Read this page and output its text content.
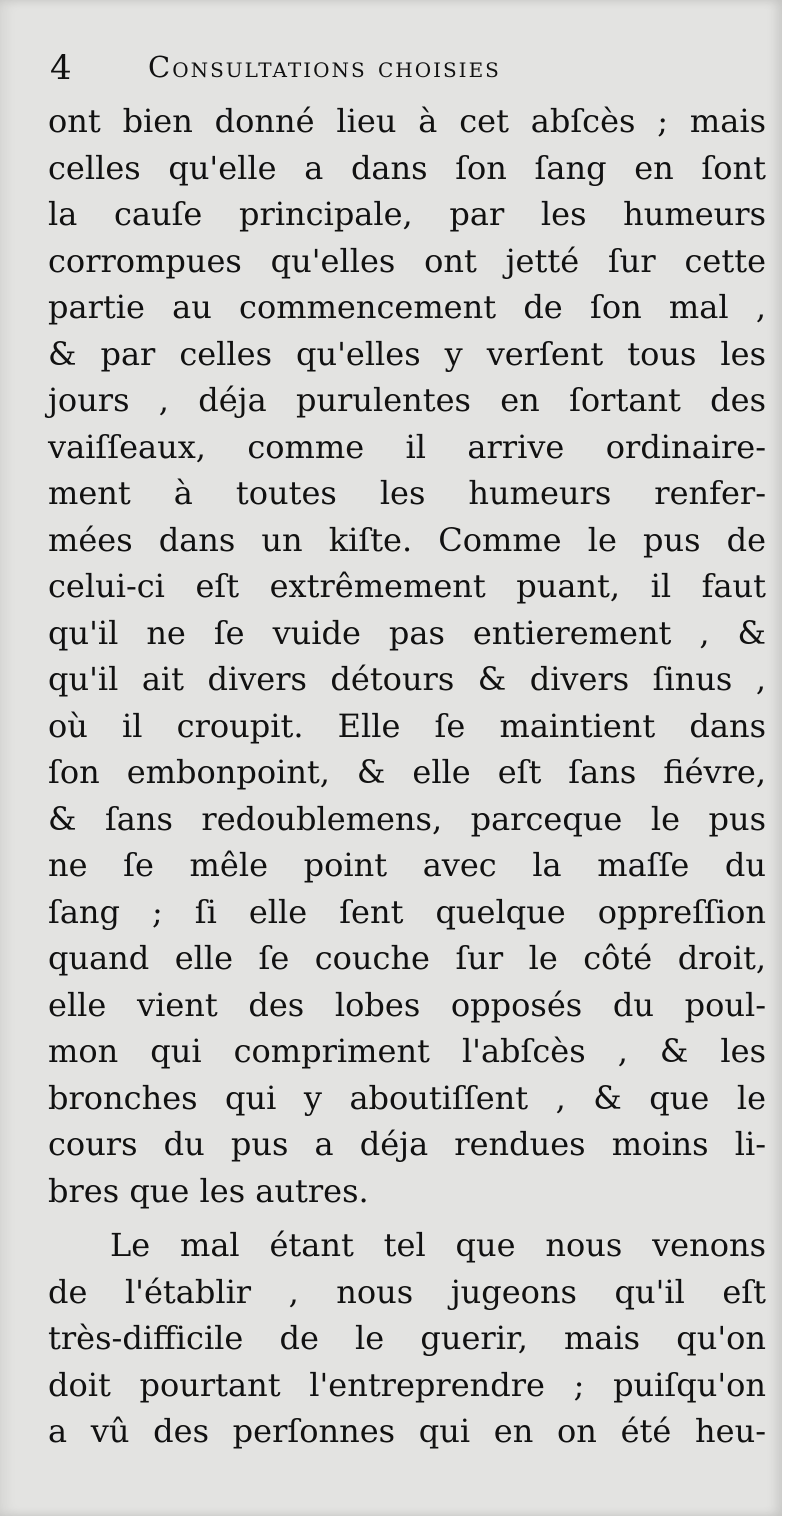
4	Consultations choisies
ont bien donné lieu à cet abſcès ; mais
celles qu'elle a dans ſon ſang en ſont
la cauſe principale, par les humeurs
corrompues qu'elles ont jetté ſur cette
partie au commencement de ſon mal ,
& par celles qu'elles y verſent tous les
jours , déja purulentes en ſortant des
vaiſſeaux, comme il arrive ordinaire-
ment à toutes les humeurs renfer-
mées dans un kiſte. Comme le pus de
celui-ci eſt extrêmement puant, il faut
qu'il ne ſe vuide pas entierement , &
qu'il ait divers détours & divers ſinus ,
où il croupit. Elle ſe maintient dans
ſon embonpoint, & elle eſt ſans fiévre,
& ſans redoublemens, parceque le pus
ne ſe mêle point avec la maſſe du
ſang ; ſi elle ſent quelque oppreſſion
quand elle ſe couche ſur le côté droit,
elle vient des lobes opposés du poul-
mon qui compriment l'abſcès , & les
bronches qui y aboutiſſent , & que le
cours du pus a déja rendues moins li-
bres que les autres.
Le mal étant tel que nous venons
de l'établir , nous jugeons qu'il eſt
très-difficile de le guerir, mais qu'on
doit pourtant l'entreprendre ; puiſqu'on
a vû des perſonnes qui en on été heu-
